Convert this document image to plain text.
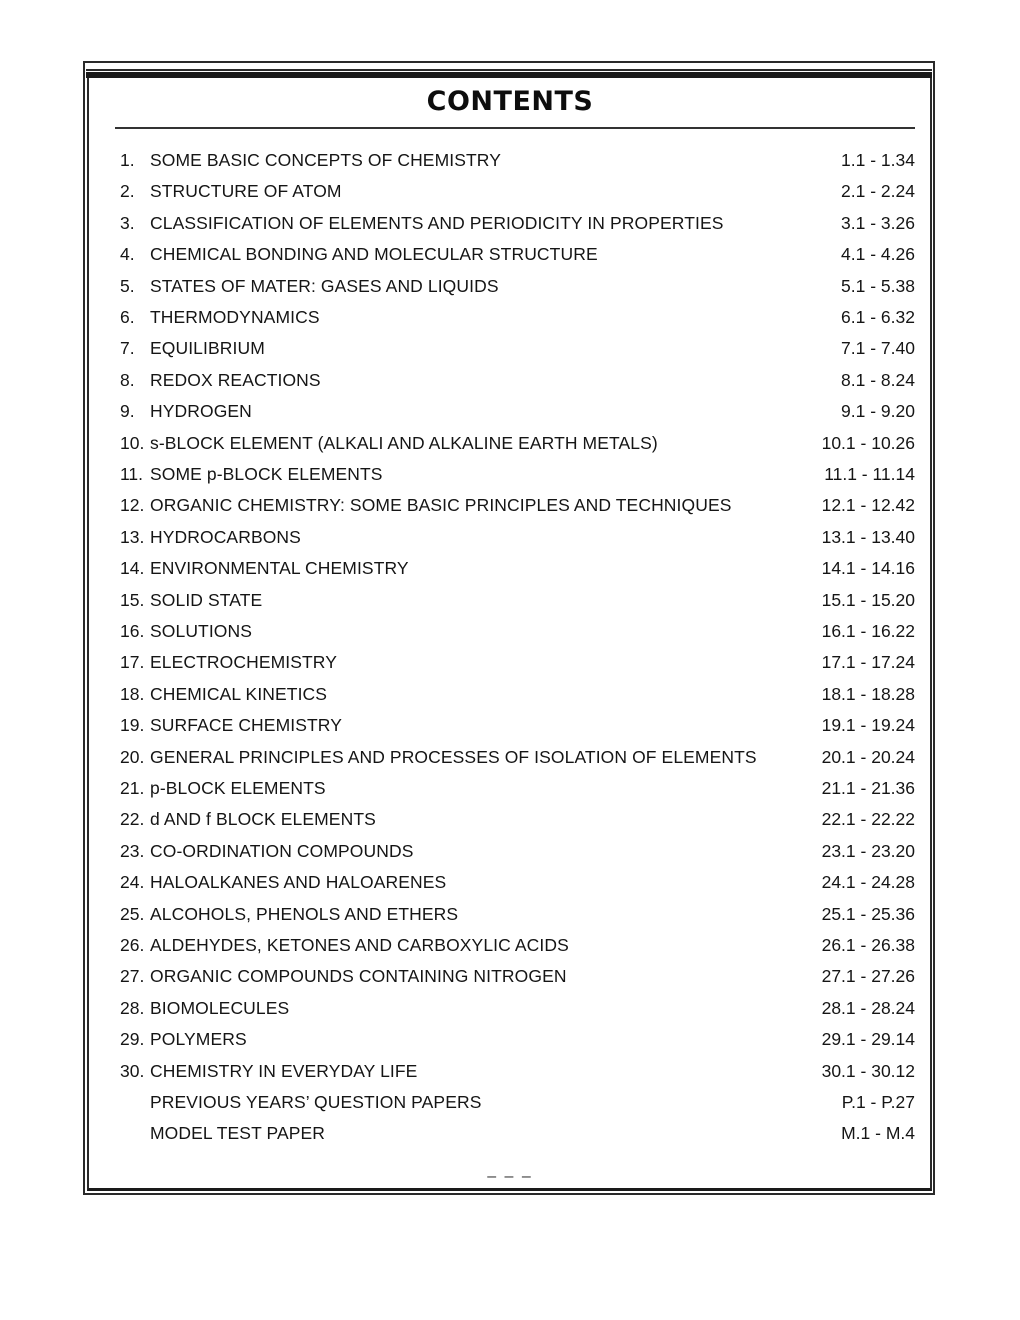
CONTENTS
1. SOME BASIC CONCEPTS OF CHEMISTRY	1.1 - 1.34
2. STRUCTURE OF ATOM	2.1 - 2.24
3. CLASSIFICATION OF ELEMENTS AND PERIODICITY IN PROPERTIES	3.1 - 3.26
4. CHEMICAL BONDING AND MOLECULAR STRUCTURE	4.1 - 4.26
5. STATES OF MATER: GASES AND LIQUIDS	5.1 - 5.38
6. THERMODYNAMICS	6.1 - 6.32
7. EQUILIBRIUM	7.1 - 7.40
8. REDOX REACTIONS	8.1 - 8.24
9. HYDROGEN	9.1 - 9.20
10. s-BLOCK ELEMENT (ALKALI AND ALKALINE EARTH METALS)	10.1 - 10.26
11. SOME p-BLOCK ELEMENTS	11.1 - 11.14
12. ORGANIC CHEMISTRY: SOME BASIC PRINCIPLES AND TECHNIQUES	12.1 - 12.42
13. HYDROCARBONS	13.1 - 13.40
14. ENVIRONMENTAL CHEMISTRY	14.1 - 14.16
15. SOLID STATE	15.1 - 15.20
16. SOLUTIONS	16.1 - 16.22
17. ELECTROCHEMISTRY	17.1 - 17.24
18. CHEMICAL KINETICS	18.1 - 18.28
19. SURFACE CHEMISTRY	19.1 - 19.24
20. GENERAL PRINCIPLES AND PROCESSES OF ISOLATION OF ELEMENTS	20.1 - 20.24
21. p-BLOCK ELEMENTS	21.1 - 21.36
22. d AND f BLOCK ELEMENTS	22.1 - 22.22
23. CO-ORDINATION COMPOUNDS	23.1 - 23.20
24. HALOALKANES AND HALOARENES	24.1 - 24.28
25. ALCOHOLS, PHENOLS AND ETHERS	25.1 - 25.36
26. ALDEHYDES, KETONES AND CARBOXYLIC ACIDS	26.1 - 26.38
27. ORGANIC COMPOUNDS CONTAINING NITROGEN	27.1 - 27.26
28. BIOMOLECULES	28.1 - 28.24
29. POLYMERS	29.1 - 29.14
30. CHEMISTRY IN EVERYDAY LIFE	30.1 - 30.12
PREVIOUS YEARS’ QUESTION PAPERS	P.1 - P.27
MODEL TEST PAPER	M.1 - M.4
– – –
